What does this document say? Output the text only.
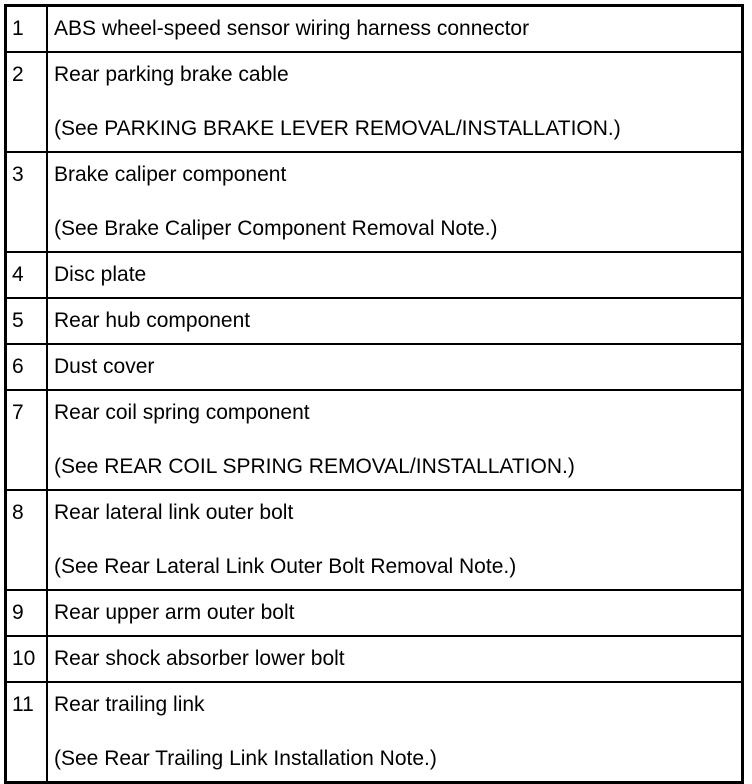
1	ABS wheel-speed sensor wiring harness connector

2	Rear parking brake cable
(See PARKING BRAKE LEVER REMOVAL/INSTALLATION.)

3	Brake caliper component
(See Brake Caliper Component Removal Note.)

4	Disc plate

5	Rear hub component

6	Dust cover

7	Rear coil spring component
(See REAR COIL SPRING REMOVAL/INSTALLATION.)

8	Rear lateral link outer bolt
(See Rear Lateral Link Outer Bolt Removal Note.)

9	Rear upper arm outer bolt

10	Rear shock absorber lower bolt

11	Rear trailing link
(See Rear Trailing Link Installation Note.)
